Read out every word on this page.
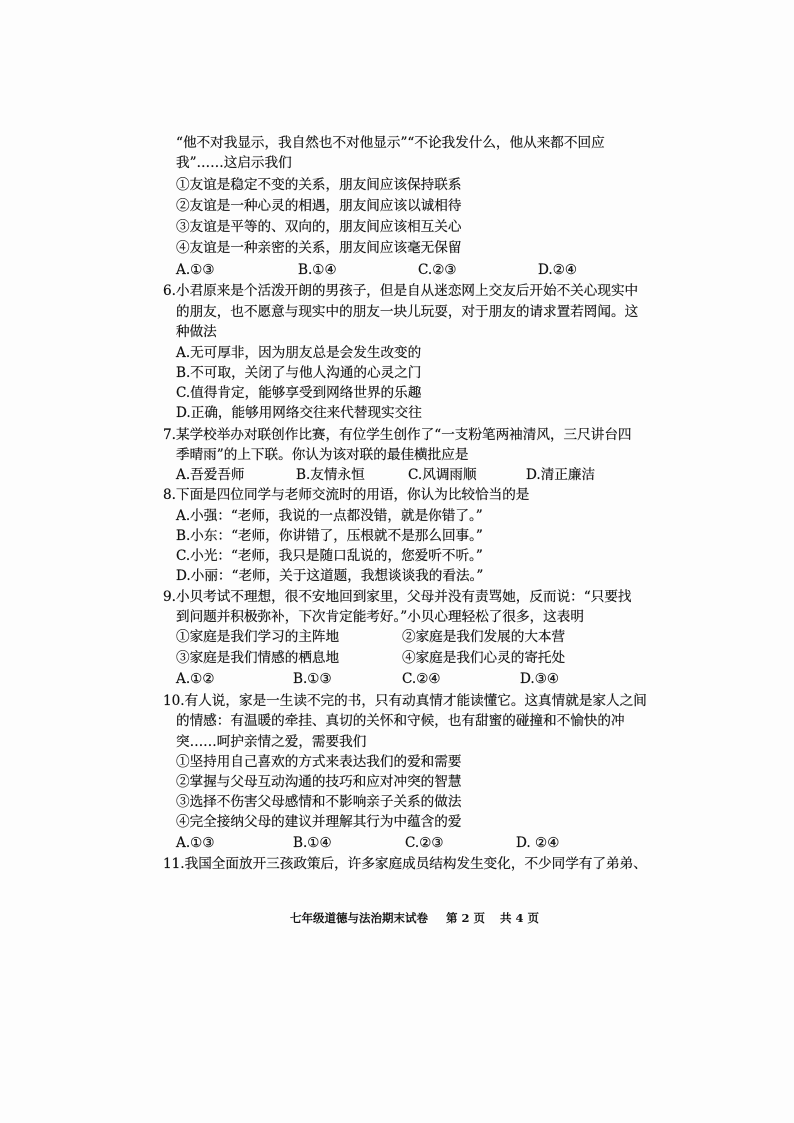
“他不对我显示，我自然也不对他显示”“不论我发什么，他从来都不回应
我”……这启示我们
①友谊是稳定不变的关系，朋友间应该保持联系
②友谊是一种心灵的相遇，朋友间应该以诚相待
③友谊是平等的、双向的，朋友间应该相互关心
④友谊是一种亲密的关系，朋友间应该毫无保留
A.①③	B.①④	C.②③	D.②④
6.小君原来是个活泼开朗的男孩子，但是自从迷恋网上交友后开始不关心现实中
的朋友，也不愿意与现实中的朋友一块儿玩耍，对于朋友的请求置若罔闻。这
种做法
A.无可厚非，因为朋友总是会发生改变的
B.不可取，关闭了与他人沟通的心灵之门
C.值得肯定，能够享受到网络世界的乐趣
D.正确，能够用网络交往来代替现实交往
7.某学校举办对联创作比赛，有位学生创作了“一支粉笔两袖清风，三尺讲台四
季晴雨”的上下联。你认为该对联的最佳横批应是
A.吾爱吾师	B.友情永恒	C.风调雨顺	D.清正廉洁
8.下面是四位同学与老师交流时的用语，你认为比较恰当的是
A.小强：“老师，我说的一点都没错，就是你错了。”
B.小东：“老师，你讲错了，压根就不是那么回事。”
C.小光：“老师，我只是随口乱说的，您爱听不听。”
D.小丽：“老师，关于这道题，我想谈谈我的看法。”
9.小贝考试不理想，很不安地回到家里，父母并没有责骂她，反而说：“只要找
到问题并积极弥补，下次肯定能考好。”小贝心理轻松了很多，这表明
①家庭是我们学习的主阵地	②家庭是我们发展的大本营
③家庭是我们情感的栖息地	④家庭是我们心灵的寄托处
A.①②	B.①③	C.②④	D.③④
10.有人说，家是一生读不完的书，只有动真情才能读懂它。这真情就是家人之间
的情感：有温暖的牵挂、真切的关怀和守候，也有甜蜜的碰撞和不愉快的冲
突……呵护亲情之爱，需要我们
①坚持用自己喜欢的方式来表达我们的爱和需要
②掌握与父母互动沟通的技巧和应对冲突的智慧
③选择不伤害父母感情和不影响亲子关系的做法
④完全接纳父母的建议并理解其行为中蕴含的爱
A.①③	B.①④	C.②③	D. ②④
11.我国全面放开三孩政策后，许多家庭成员结构发生变化，不少同学有了弟弟、
七年级道德与法治期末试卷 第 2 页 共 4 页
